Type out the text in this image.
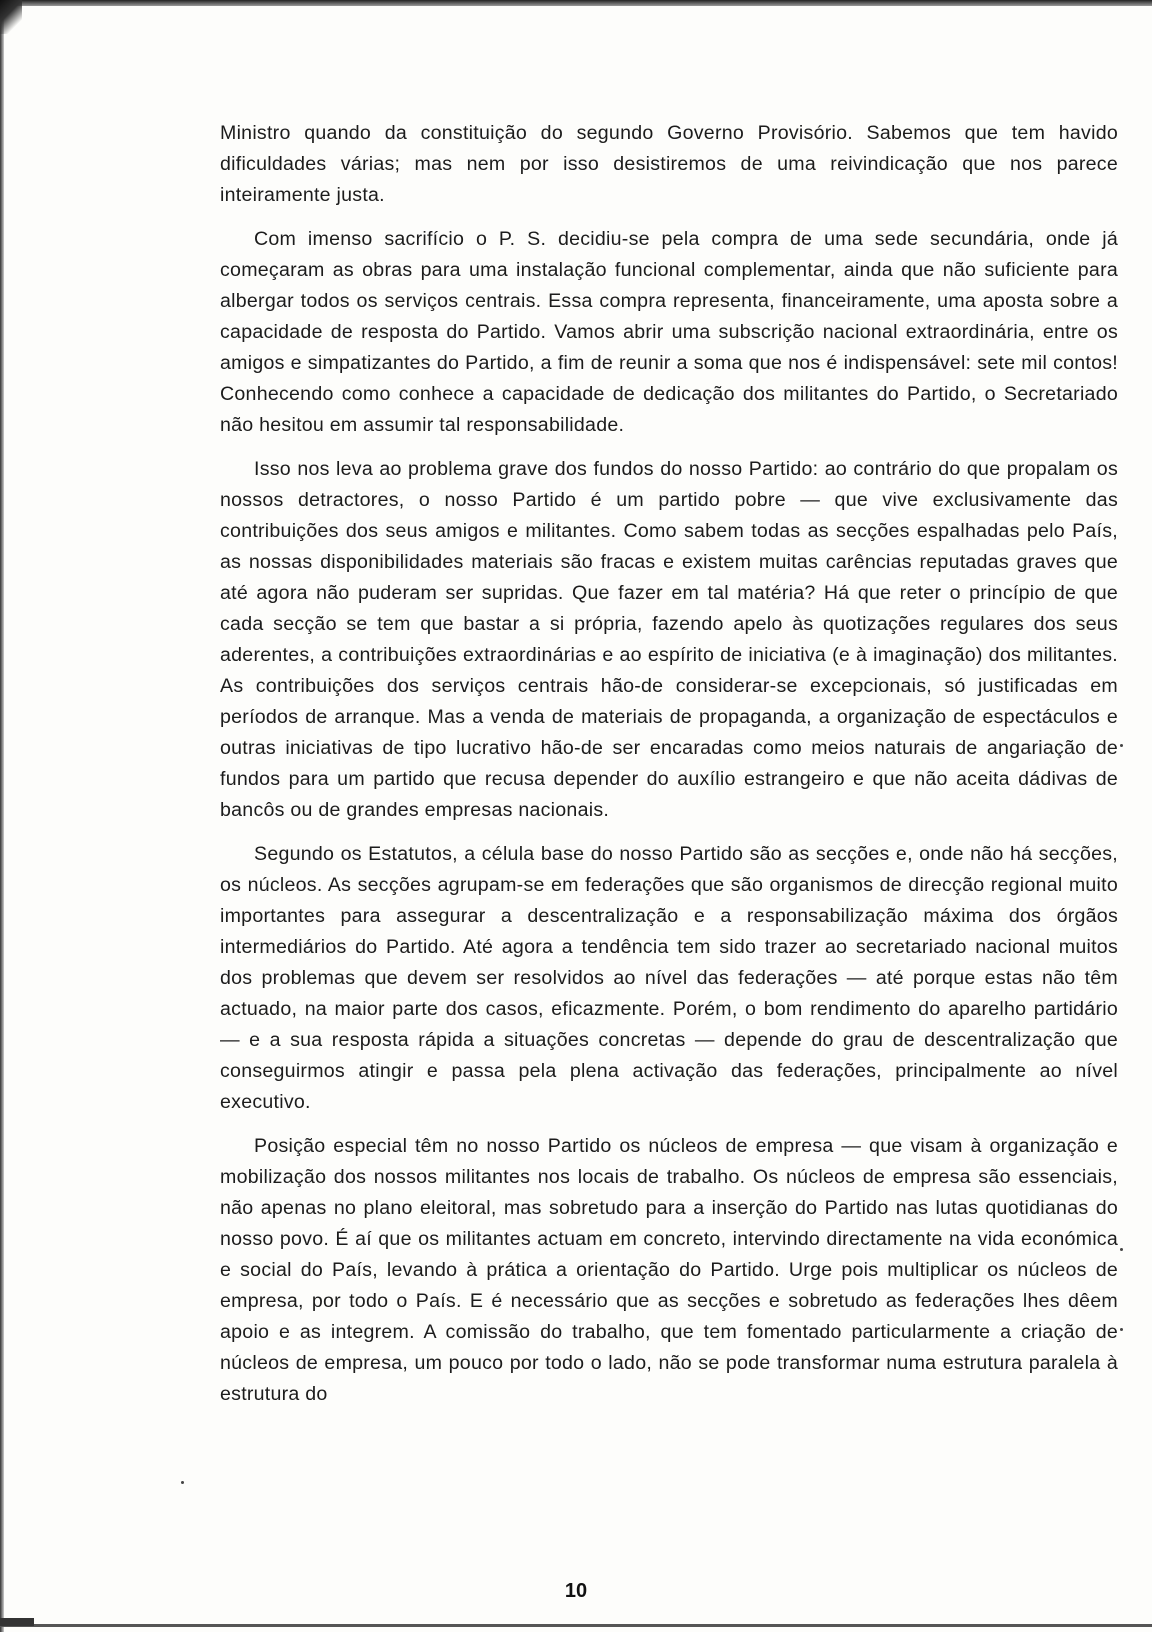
Ministro quando da constituição do segundo Governo Provisório. Sabemos que tem havido dificuldades várias; mas nem por isso desistiremos de uma reivindicação que nos parece inteiramente justa.

Com imenso sacrifício o P. S. decidiu-se pela compra de uma sede secundária, onde já começaram as obras para uma instalação funcional complementar, ainda que não suficiente para albergar todos os serviços centrais. Essa compra representa, financeiramente, uma aposta sobre a capacidade de resposta do Partido. Vamos abrir uma subscrição nacional extraordinária, entre os amigos e simpatizantes do Partido, a fim de reunir a soma que nos é indispensável: sete mil contos! Conhecendo como conhece a capacidade de dedicação dos militantes do Partido, o Secretariado não hesitou em assumir tal responsabilidade.

Isso nos leva ao problema grave dos fundos do nosso Partido: ao contrário do que propalam os nossos detractores, o nosso Partido é um partido pobre — que vive exclusivamente das contribuições dos seus amigos e militantes. Como sabem todas as secções espalhadas pelo País, as nossas disponibilidades materiais são fracas e existem muitas carências reputadas graves que até agora não puderam ser supridas. Que fazer em tal matéria? Há que reter o princípio de que cada secção se tem que bastar a si própria, fazendo apelo às quotizações regulares dos seus aderentes, a contribuições extraordinárias e ao espírito de iniciativa (e à imaginação) dos militantes. As contribuições dos serviços centrais hão-de considerar-se excepcionais, só justificadas em períodos de arranque. Mas a venda de materiais de propaganda, a organização de espectáculos e outras iniciativas de tipo lucrativo hão-de ser encaradas como meios naturais de angariação de fundos para um partido que recusa depender do auxílio estrangeiro e que não aceita dádivas de bancôs ou de grandes empresas nacionais.

Segundo os Estatutos, a célula base do nosso Partido são as secções e, onde não há secções, os núcleos. As secções agrupam-se em federações que são organismos de direcção regional muito importantes para assegurar a descentralização e a responsabilização máxima dos órgãos intermediários do Partido. Até agora a tendência tem sido trazer ao secretariado nacional muitos dos problemas que devem ser resolvidos ao nível das federações — até porque estas não têm actuado, na maior parte dos casos, eficazmente. Porém, o bom rendimento do aparelho partidário — e a sua resposta rápida a situações concretas — depende do grau de descentralização que conseguirmos atingir e passa pela plena activação das federações, principalmente ao nível executivo.

Posição especial têm no nosso Partido os núcleos de empresa — que visam à organização e mobilização dos nossos militantes nos locais de trabalho. Os núcleos de empresa são essenciais, não apenas no plano eleitoral, mas sobretudo para a inserção do Partido nas lutas quotidianas do nosso povo. É aí que os militantes actuam em concreto, intervindo directamente na vida económica e social do País, levando à prática a orientação do Partido. Urge pois multiplicar os núcleos de empresa, por todo o País. E é necessário que as secções e sobretudo as federações lhes dêem apoio e as integrem. A comissão do trabalho, que tem fomentado particularmente a criação de núcleos de empresa, um pouco por todo o lado, não se pode transformar numa estrutura paralela à estrutura do

10
